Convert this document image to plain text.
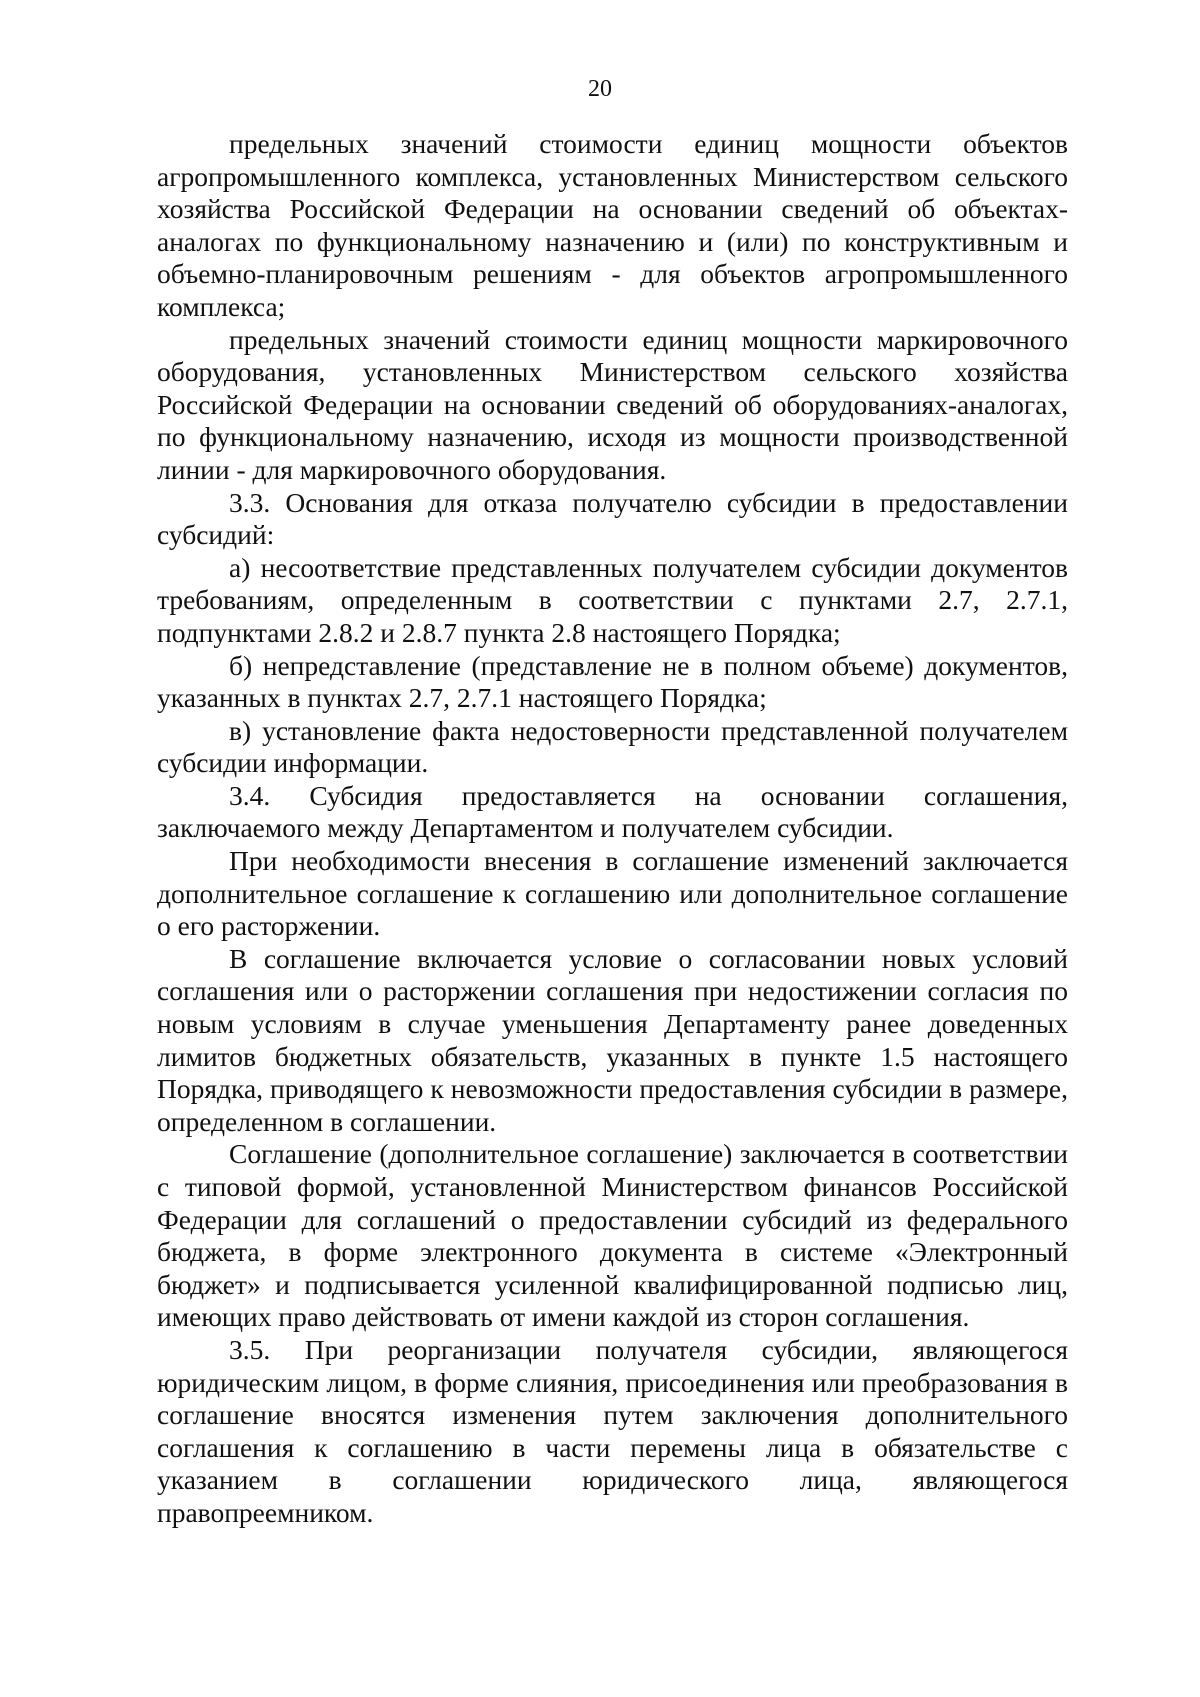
20

предельных значений стоимости единиц мощности объектов агропромышленного комплекса, установленных Министерством сельского хозяйства Российской Федерации на основании сведений об объектах-аналогах по функциональному назначению и (или) по конструктивным и объемно-планировочным решениям - для объектов агропромышленного комплекса;

предельных значений стоимости единиц мощности маркировочного оборудования, установленных Министерством сельского хозяйства Российской Федерации на основании сведений об оборудованиях-аналогах, по функциональному назначению, исходя из мощности производственной линии - для маркировочного оборудования.

3.3. Основания для отказа получателю субсидии в предоставлении субсидий:

а) несоответствие представленных получателем субсидии документов требованиям, определенным в соответствии с пунктами 2.7, 2.7.1, подпунктами 2.8.2 и 2.8.7 пункта 2.8 настоящего Порядка;

б) непредставление (представление не в полном объеме) документов, указанных в пунктах 2.7, 2.7.1 настоящего Порядка;

в) установление факта недостоверности представленной получателем субсидии информации.

3.4. Субсидия предоставляется на основании соглашения, заключаемого между Департаментом и получателем субсидии.

При необходимости внесения в соглашение изменений заключается дополнительное соглашение к соглашению или дополнительное соглашение о его расторжении.

В соглашение включается условие о согласовании новых условий соглашения или о расторжении соглашения при недостижении согласия по новым условиям в случае уменьшения Департаменту ранее доведенных лимитов бюджетных обязательств, указанных в пункте 1.5 настоящего Порядка, приводящего к невозможности предоставления субсидии в размере, определенном в соглашении.

Соглашение (дополнительное соглашение) заключается в соответствии с типовой формой, установленной Министерством финансов Российской Федерации для соглашений о предоставлении субсидий из федерального бюджета, в форме электронного документа в системе «Электронный бюджет» и подписывается усиленной квалифицированной подписью лиц, имеющих право действовать от имени каждой из сторон соглашения.

3.5. При реорганизации получателя субсидии, являющегося юридическим лицом, в форме слияния, присоединения или преобразования в соглашение вносятся изменения путем заключения дополнительного соглашения к соглашению в части перемены лица в обязательстве с указанием в соглашении юридического лица, являющегося правопреемником.
